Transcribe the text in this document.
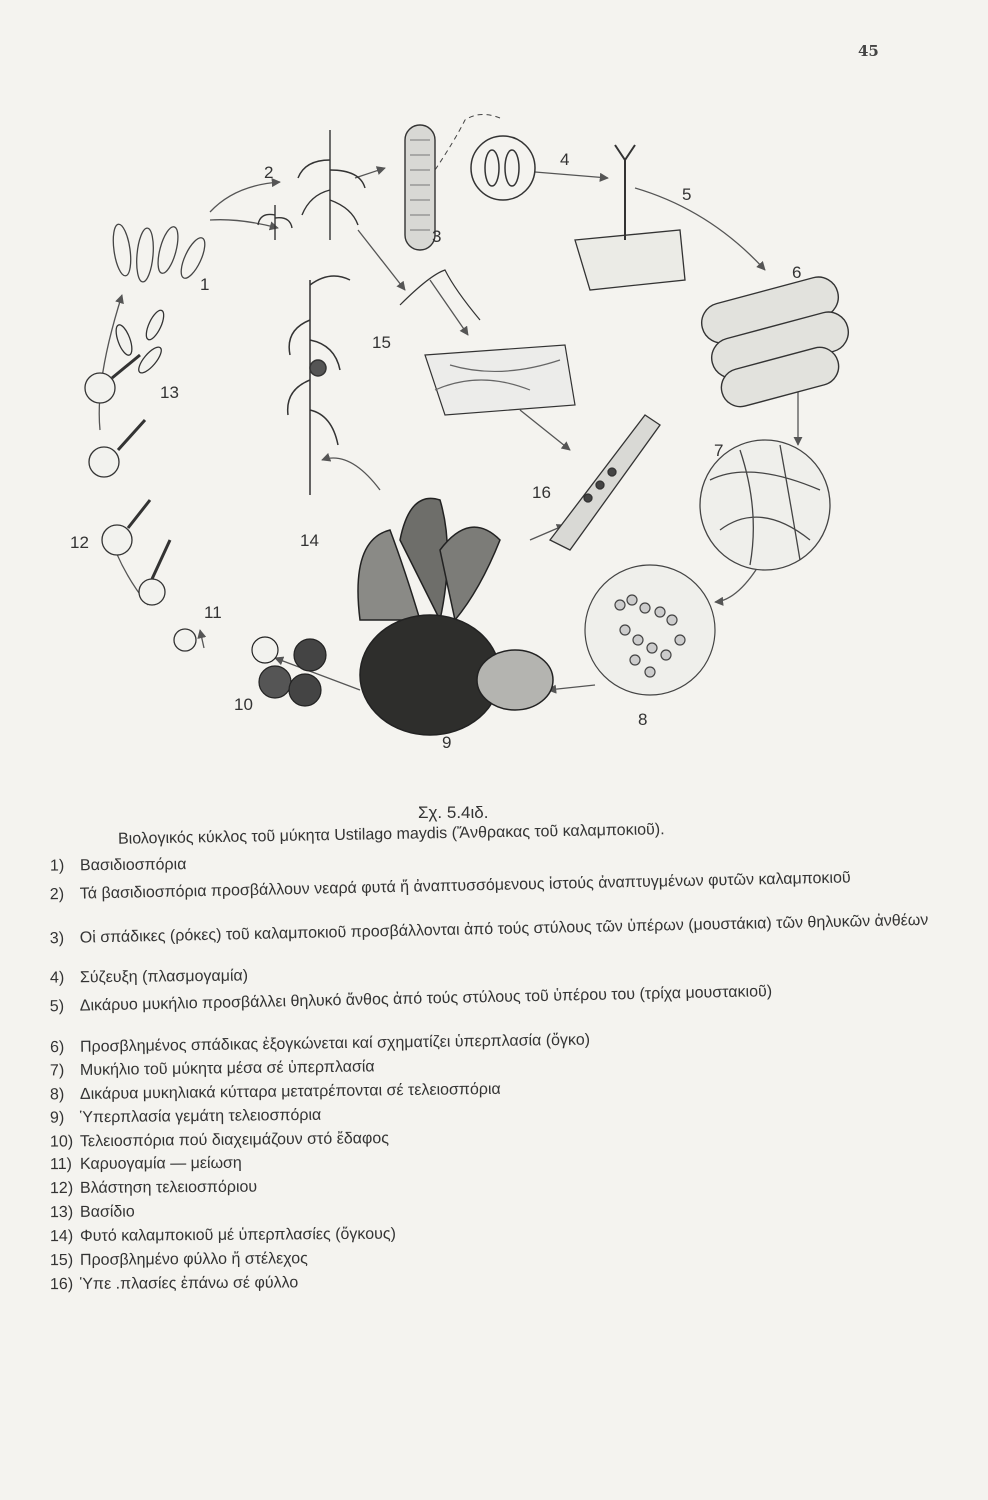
45
1
2
3
4
5
6
7
8
9
10
11
12
13
14
15
16
Σχ. 5.4ιδ.
Βιολογικός κύκλος τοῦ μύκητα Ustilago maydis (Ἄνθρακας τοῦ καλαμποκιοῦ).
1) Βασιδιοσπόρια
2) Τά βασιδιοσπόρια προσβάλλουν νεαρά φυτά ἤ ἀναπτυσσόμενους ἱστούς ἀναπτυγμένων φυτῶν καλαμποκιοῦ
3) Οἱ σπάδικες (ρόκες) τοῦ καλαμποκιοῦ προσβάλλονται ἀπό τούς στύλους τῶν ὑπέρων (μουστάκια) τῶν θηλυκῶν ἀνθέων
4) Σύζευξη (πλασμογαμία)
5) Δικάρυο μυκήλιο προσβάλλει θηλυκό ἄνθος ἀπό τούς στύλους τοῦ ὑπέρου του (τρίχα μουστακιοῦ)
6) Προσβλημένος σπάδικας ἐξογκώνεται καί σχηματίζει ὑπερπλασία (ὄγκο)
7) Μυκήλιο τοῦ μύκητα μέσα σέ ὑπερπλασία
8) Δικάρυα μυκηλιακά κύτταρα μετατρέπονται σέ τελειοσπόρια
9) Ὑπερπλασία γεμάτη τελειοσπόρια
10) Τελειοσπόρια πού διαχειμάζουν στό ἔδαφος
11) Καρυογαμία — μείωση
12) Βλάστηση τελειοσπόριου
13) Βασίδιο
14) Φυτό καλαμποκιοῦ μέ ὑπερπλασίες (ὄγκους)
15) Προσβλημένο φύλλο ἤ στέλεχος
16) Ὑπε .πλασίες ἐπάνω σέ φύλλο
